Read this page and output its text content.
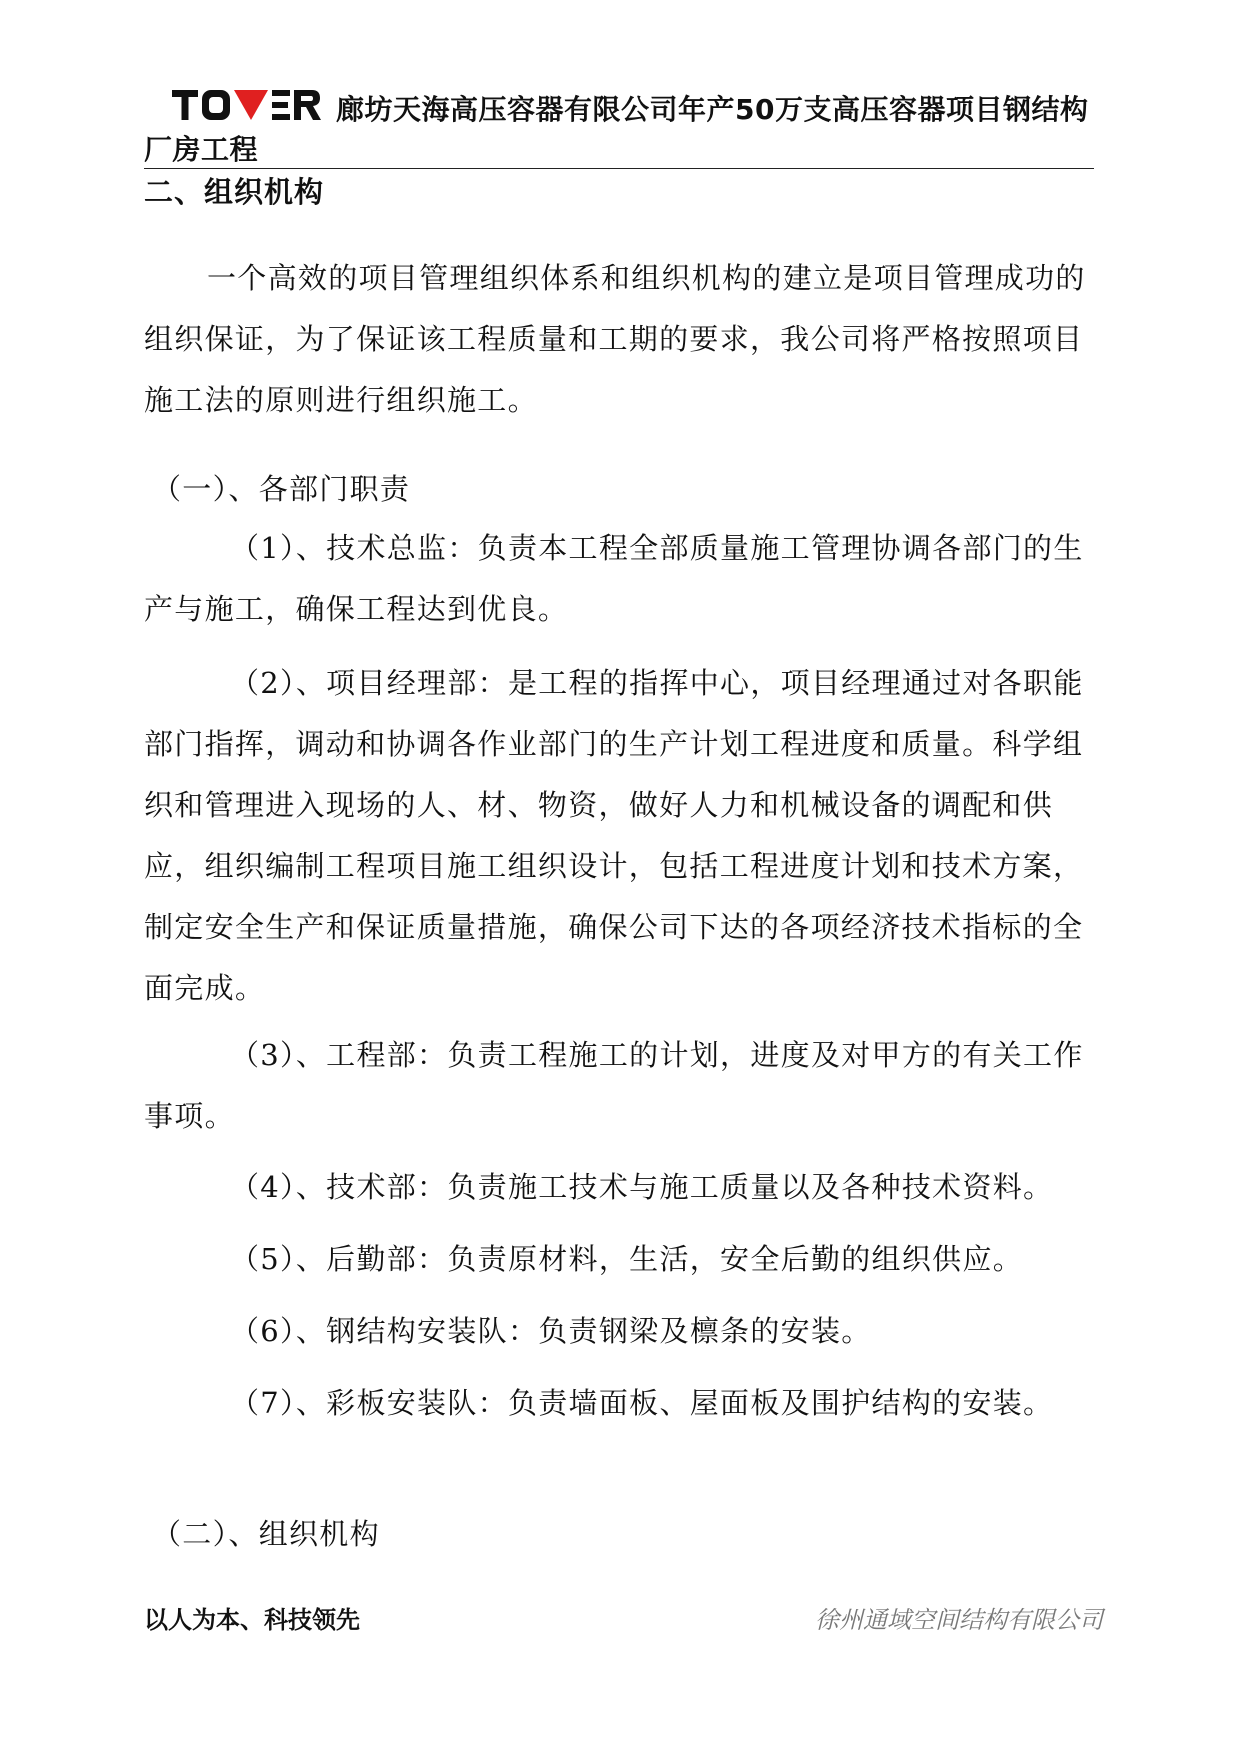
廊坊天海高压容器有限公司年产50万支高压容器项目钢结构厂房工程
二、组织机构

一个高效的项目管理组织体系和组织机构的建立是项目管理成功的组织保证，为了保证该工程质量和工期的要求，我公司将严格按照项目施工法的原则进行组织施工。

（一）、各部门职责

（1）、技术总监：负责本工程全部质量施工管理协调各部门的生产与施工，确保工程达到优良。

（2）、项目经理部：是工程的指挥中心，项目经理通过对各职能部门指挥，调动和协调各作业部门的生产计划工程进度和质量。科学组织和管理进入现场的人、材、物资，做好人力和机械设备的调配和供应，组织编制工程项目施工组织设计，包括工程进度计划和技术方案，制定安全生产和保证质量措施，确保公司下达的各项经济技术指标的全面完成。

（3）、工程部：负责工程施工的计划，进度及对甲方的有关工作事项。

（4）、技术部：负责施工技术与施工质量以及各种技术资料。

（5）、后勤部：负责原材料，生活，安全后勤的组织供应。

（6）、钢结构安装队：负责钢梁及檩条的安装。

（7）、彩板安装队：负责墙面板、屋面板及围护结构的安装。

（二）、组织机构

以人为本、科技领先	徐州通域空间结构有限公司
